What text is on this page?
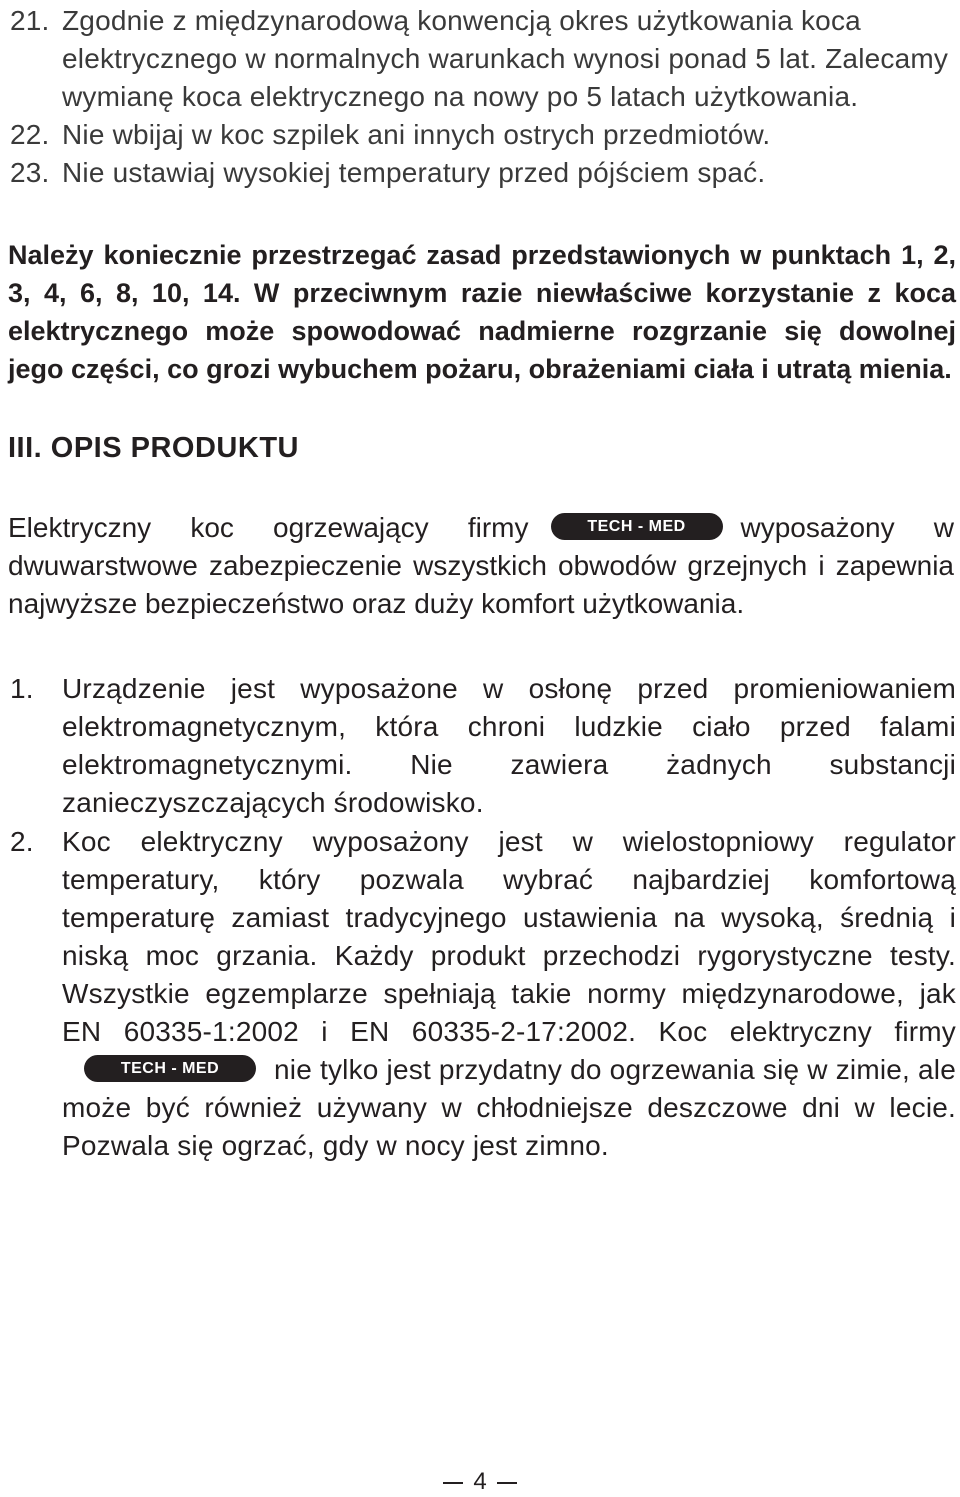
21. Zgodnie z międzynarodową konwencją okres użytkowania koca elektrycznego w normalnych warunkach wynosi ponad 5 lat. Zalecamy wymianę koca elektrycznego na nowy po 5 latach użytkowania.
22. Nie wbijaj w koc szpilek ani innych ostrych przedmiotów.
23. Nie ustawiaj wysokiej temperatury przed pójściem spać.
Należy koniecznie przestrzegać zasad przedstawionych w punktach 1, 2, 3, 4, 6, 8, 10, 14. W przeciwnym razie niewłaściwe korzystanie z koca elektrycznego może spowodować nadmierne rozgrzanie się dowolnej jego części, co grozi wybuchem pożaru, obrażeniami ciała i utratą mienia.
III. OPIS PRODUKTU
Elektryczny koc ogrzewający firmy	TECH - MED wyposażony w dwuwarstwowe zabezpieczenie wszystkich obwodów grzejnych i zapewnia najwyższe bezpieczeństwo oraz duży komfort użytkowania.
1. Urządzenie jest wyposażone w osłonę przed promieniowaniem elektromagnetycznym, która chroni ludzkie ciało przed falami elektromagnetycznymi. Nie zawiera żadnych substancji zanieczyszczających środowisko.
2. Koc elektryczny wyposażony jest w wielostopniowy regulator temperatury, który pozwala wybrać najbardziej komfortową temperaturę zamiast tradycyjnego ustawienia na wysoką, średnią i niską moc grzania. Każdy produkt przechodzi rygorystyczne testy. Wszystkie egzemplarze spełniają takie normy międzynarodowe, jak EN 60335-1:2002 i EN 60335-2-17:2002. Koc elektryczny firmyTECH - MED nie tylko jest przydatny do ogrzewania się w zimie, ale może być również używany w chłodniejsze deszczowe dni w lecie. Pozwala się ogrzać, gdy w nocy jest zimno.
4
